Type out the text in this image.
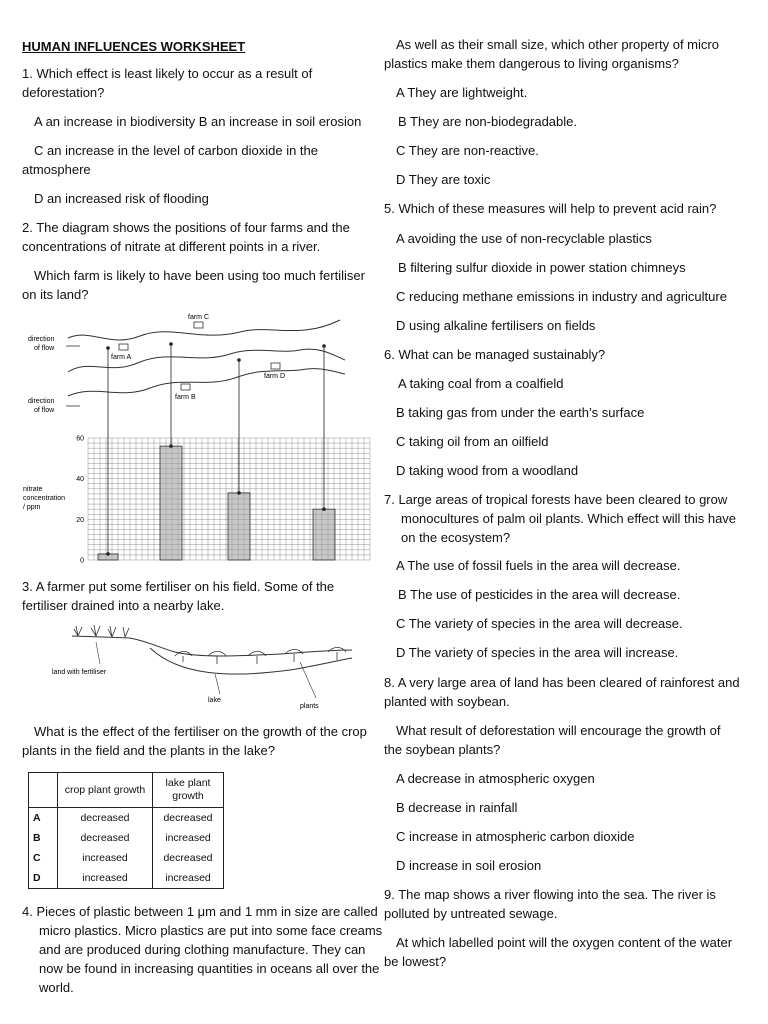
HUMAN INFLUENCES WORKSHEET

1. Which effect is least likely to occur as a result of deforestation?

A an increase in biodiversity B an increase in soil erosion

C an increase in the level of carbon dioxide in the atmosphere

D an increased risk of flooding

2. The diagram shows the positions of four farms and the concentrations of nitrate at different points in a river.

Which farm is likely to have been using too much fertiliser on its land?

direction
of flow
direction
of flow
farm A
farm B
farm C
farm D
nitrate
concentration
/ ppm
0
20
40
60

3. A farmer put some fertiliser on his field. Some of the fertiliser drained into a nearby lake.

land with fertiliser
lake
plants

What is the effect of the fertiliser on the growth of the crop plants in the field and the plants in the lake?

	crop plant growth	lake plant growth
A	decreased	decreased
B	decreased	increased
C	increased	decreased
D	increased	increased

4. Pieces of plastic between 1 μm and 1 mm in size are called micro plastics. Micro plastics are put into some face creams and are produced during clothing manufacture. They can now be found in increasing quantities in oceans all over the world.

As well as their small size, which other property of micro plastics make them dangerous to living organisms?

A They are lightweight.

B They are non-biodegradable.

C They are non-reactive.

D They are toxic

5. Which of these measures will help to prevent acid rain?

A avoiding the use of non-recyclable plastics

B filtering sulfur dioxide in power station chimneys

C reducing methane emissions in industry and agriculture

D using alkaline fertilisers on fields

6. What can be managed sustainably?

A taking coal from a coalfield

B taking gas from under the earth’s surface

C taking oil from an oilfield

D taking wood from a woodland

7. Large areas of tropical forests have been cleared to grow monocultures of palm oil plants. Which effect will this have on the ecosystem?

A The use of fossil fuels in the area will decrease.

B The use of pesticides in the area will decrease.

C The variety of species in the area will decrease.

D The variety of species in the area will increase.

8. A very large area of land has been cleared of rainforest and planted with soybean.

What result of deforestation will encourage the growth of the soybean plants?

A decrease in atmospheric oxygen

B decrease in rainfall

C increase in atmospheric carbon dioxide

D increase in soil erosion

9. The map shows a river flowing into the sea. The river is polluted by untreated sewage.

At which labelled point will the oxygen content of the water be lowest?
